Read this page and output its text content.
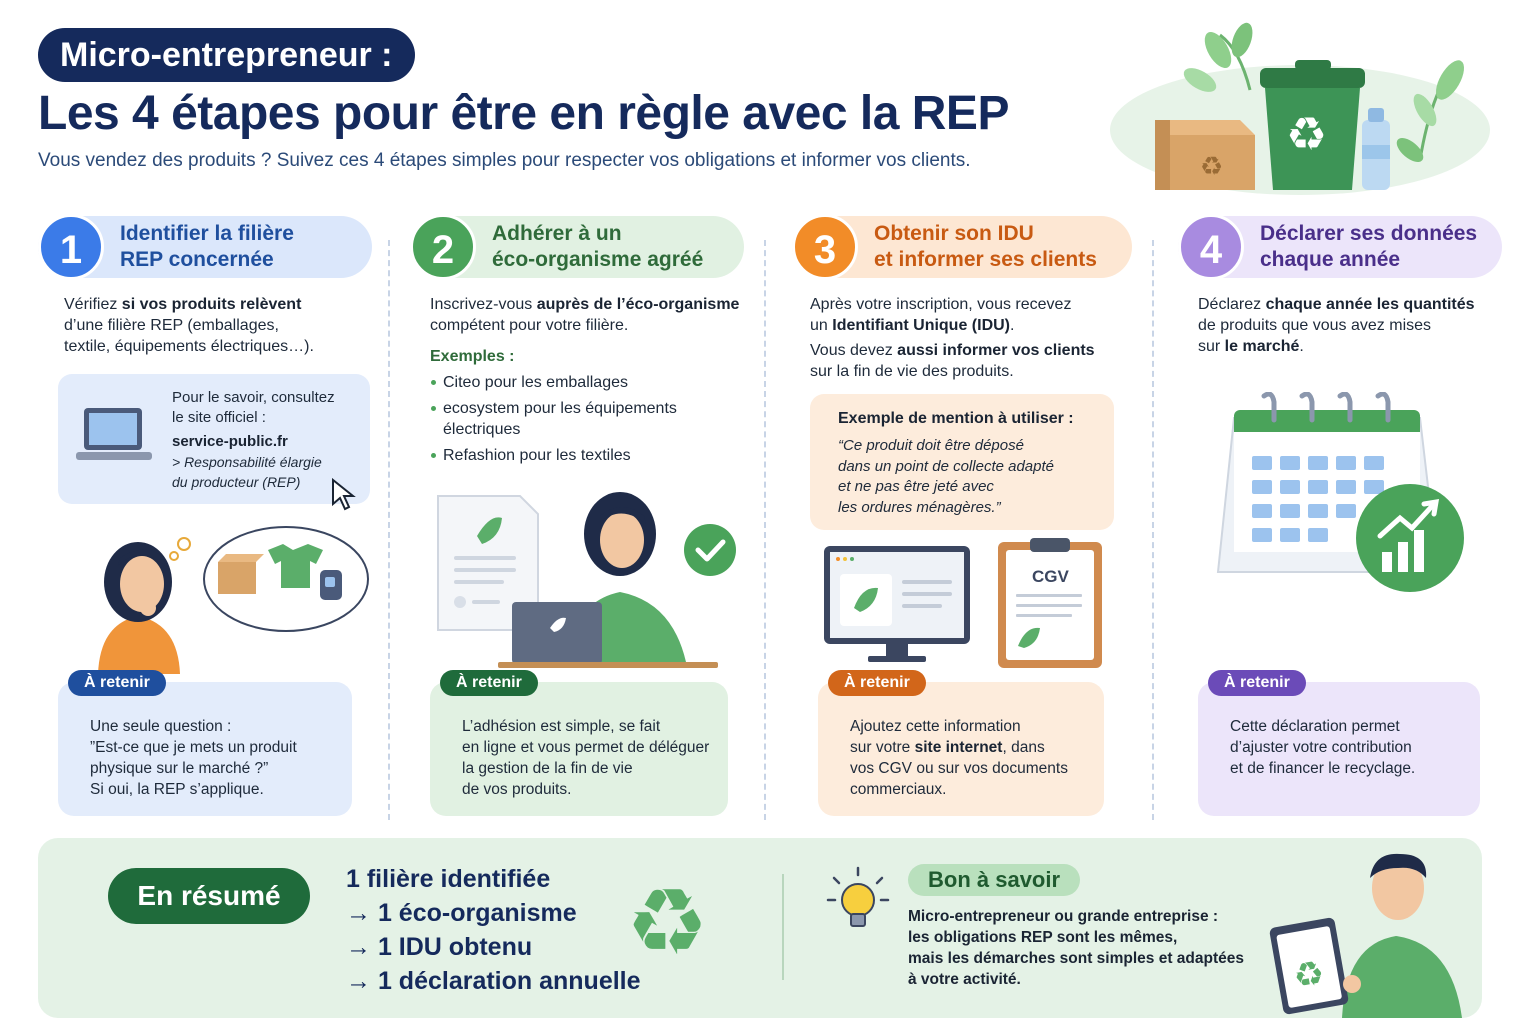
Micro-entrepreneur :
Les 4 étapes pour être en règle avec la REP
Vous vendez des produits ? Suivez ces 4 étapes simples pour respecter vos obligations et informer vos clients.	♻
♻
1	Identifier la filière
REP concernée
Vérifiez si vos produits relèvent
d’une filière REP (emballages,
textile, équipements électriques…).
Pour le savoir, consultez
le site officiel :
service-public.fr
> Responsabilité élargie
du producteur (REP)
À retenir
Une seule question :
”Est-ce que je mets un produit
physique sur le marché ?”
Si oui, la REP s’applique.
2	Adhérer à un
éco-organisme agréé
Inscrivez-vous auprès de l’éco-organisme
compétent pour votre filière.
Exemples :
Citeo pour les emballages
ecosystem pour les équipements
électriques
Refashion pour les textiles
À retenir
L’adhésion est simple, se fait
en ligne et vous permet de déléguer
la gestion de la fin de vie
de vos produits.
3	Obtenir son IDU
et informer ses clients
Après votre inscription, vous recevez
un Identifiant Unique (IDU).
Vous devez aussi informer vos clients
sur la fin de vie des produits.
Exemple de mention à utiliser :
“Ce produit doit être déposé
dans un point de collecte adapté
et ne pas être jeté avec
les ordures ménagères.”
CGV
À retenir
Ajoutez cette information
sur votre site internet, dans
vos CGV ou sur vos documents
commerciaux.
4	Déclarer ses données
chaque année
Déclarez chaque année les quantités
de produits que vous avez mises
sur le marché.
À retenir
Cette déclaration permet
d’ajuster votre contribution
et de financer le recyclage.
En résumé
1 filière identifiée
→ 1 éco-organisme
→ 1 IDU obtenu
→ 1 déclaration annuelle
♻	Bon à savoir
Micro-entrepreneur ou grande entreprise :
les obligations REP sont les mêmes,
mais les démarches sont simples et adaptées
à votre activité.	♻
